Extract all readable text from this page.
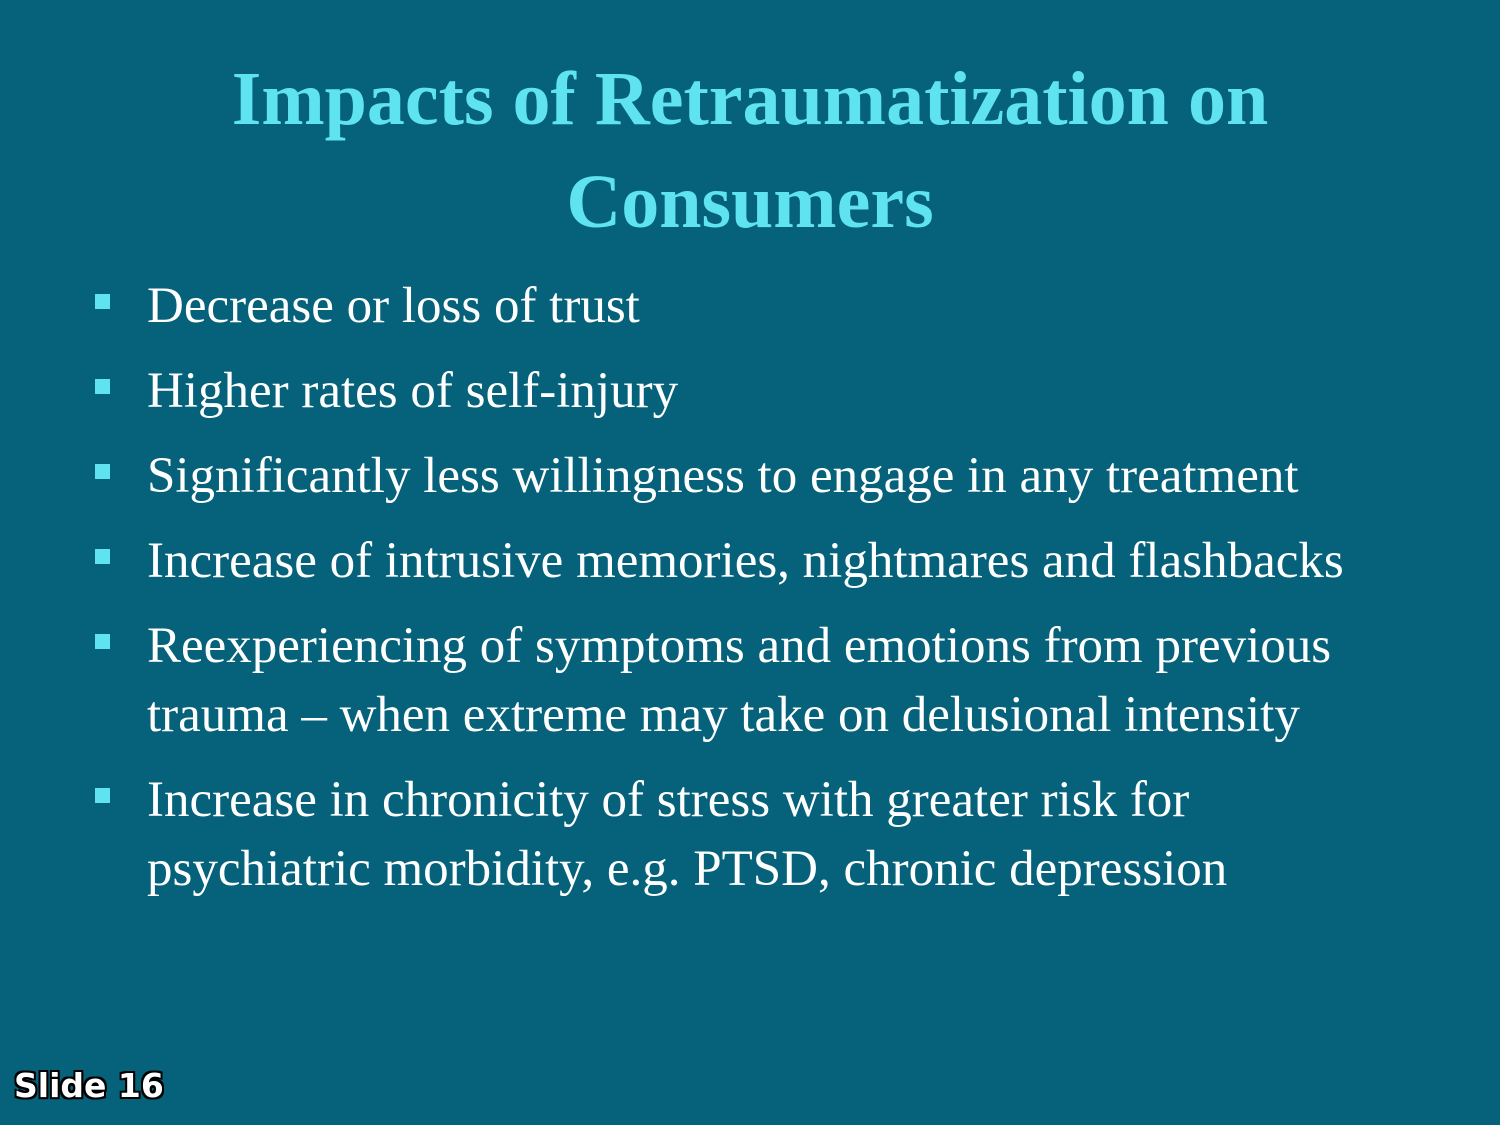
Impacts of Retraumatization on
Consumers
Decrease or loss of trust
Higher rates of self-injury
Significantly less willingness to engage in any treatment
Increase of intrusive memories, nightmares and flashbacks
Reexperiencing of symptoms and emotions from previous trauma – when extreme may take on delusional intensity
Increase in chronicity of stress with greater risk for psychiatric morbidity, e.g. PTSD, chronic depression
Slide 16
